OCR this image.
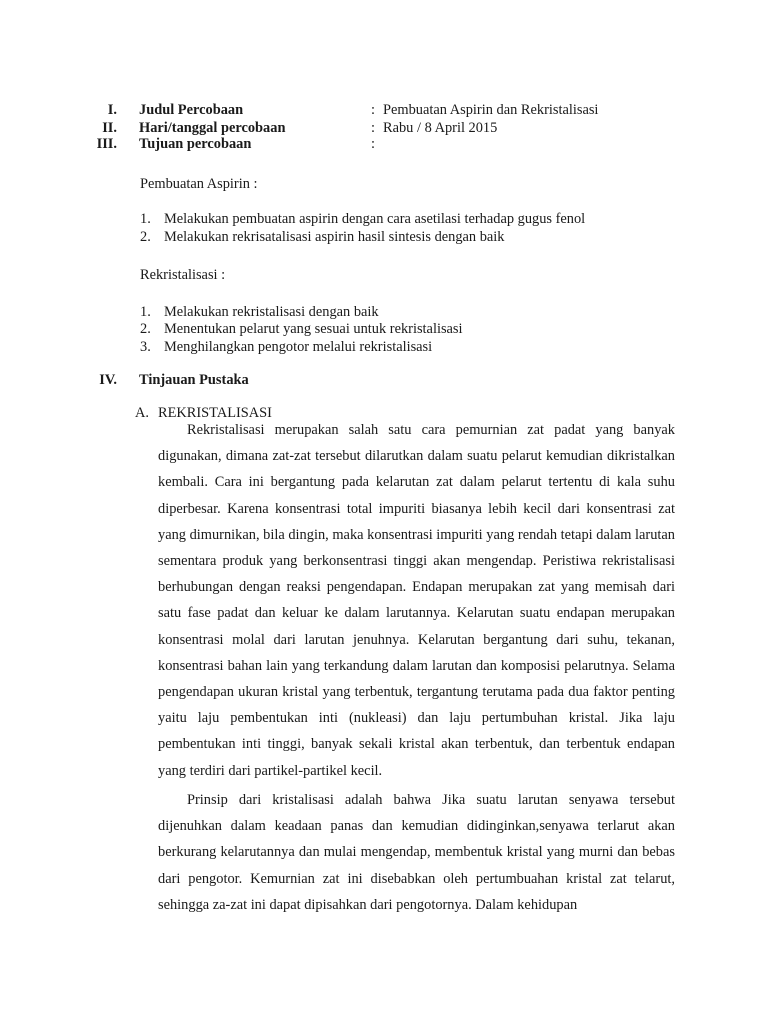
I. Judul Percobaan	: Pembuatan Aspirin dan Rekristalisasi
II. Hari/tanggal percobaan	: Rabu / 8 April 2015
III. Tujuan percobaan	:
Pembuatan Aspirin :
1. Melakukan pembuatan aspirin dengan cara asetilasi terhadap gugus fenol
2. Melakukan rekrisatalisasi aspirin hasil sintesis dengan baik
Rekristalisasi :
1. Melakukan rekristalisasi dengan baik
2. Menentukan pelarut yang sesuai untuk rekristalisasi
3. Menghilangkan pengotor melalui rekristalisasi
IV. Tinjauan Pustaka
A. REKRISTALISASI

Rekristalisasi merupakan salah satu cara pemurnian zat padat yang banyak digunakan, dimana zat-zat tersebut dilarutkan dalam suatu pelarut kemudian dikristalkan kembali. Cara ini bergantung pada kelarutan zat dalam pelarut tertentu di kala suhu diperbesar. Karena konsentrasi total impuriti biasanya lebih kecil dari konsentrasi zat yang dimurnikan, bila dingin, maka konsentrasi impuriti yang rendah tetapi dalam larutan sementara produk yang berkonsentrasi tinggi akan mengendap. Peristiwa rekristalisasi berhubungan dengan reaksi pengendapan. Endapan merupakan zat yang memisah dari satu fase padat dan keluar ke dalam larutannya. Kelarutan suatu endapan merupakan konsentrasi molal dari larutan jenuhnya. Kelarutan bergantung dari suhu, tekanan, konsentrasi bahan lain yang terkandung dalam larutan dan komposisi pelarutnya. Selama pengendapan ukuran kristal yang terbentuk, tergantung terutama pada dua faktor penting yaitu laju pembentukan inti (nukleasi) dan laju pertumbuhan kristal. Jika laju pembentukan inti tinggi, banyak sekali kristal akan terbentuk, dan terbentuk endapan yang terdiri dari partikel-partikel kecil.

Prinsip dari kristalisasi adalah bahwa Jika suatu larutan senyawa tersebut dijenuhkan dalam keadaan panas dan kemudian didinginkan,senyawa terlarut akan berkurang kelarutannya dan mulai mengendap, membentuk kristal yang murni dan bebas dari pengotor. Kemurnian zat ini disebabkan oleh pertumbuahan kristal zat telarut, sehingga za-zat ini dapat dipisahkan dari pengotornya. Dalam kehidupan
